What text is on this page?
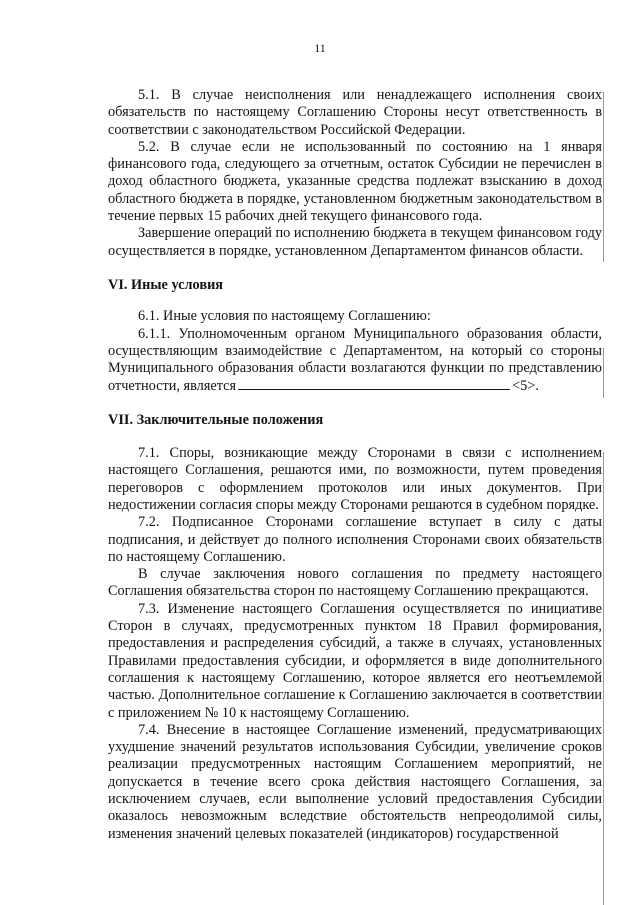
11

5.1. В случае неисполнения или ненадлежащего исполнения своих обязательств по настоящему Соглашению Стороны несут ответственность в соответствии с законодательством Российской Федерации.

5.2. В случае если не использованный по состоянию на 1 января финансового года, следующего за отчетным, остаток Субсидии не перечислен в доход областного бюджета, указанные средства подлежат взысканию в доход областного бюджета в порядке, установленном бюджетным законодательством в течение первых 15 рабочих дней текущего финансового года.

Завершение операций по исполнению бюджета в текущем финансовом году осуществляется в порядке, установленном Департаментом финансов области.

VI. Иные условия

6.1. Иные условия по настоящему Соглашению:

6.1.1. Уполномоченным органом Муниципального образования области, осуществляющим взаимодействие с Департаментом, на который со стороны Муниципального образования области возлагаются функции по представлению отчетности, является	<5>.

VII. Заключительные положения

7.1. Споры, возникающие между Сторонами в связи с исполнением настоящего Соглашения, решаются ими, по возможности, путем проведения переговоров с оформлением протоколов или иных документов. При недостижении согласия споры между Сторонами решаются в судебном порядке.

7.2. Подписанное Сторонами соглашение вступает в силу с даты подписания, и действует до полного исполнения Сторонами своих обязательств по настоящему Соглашению.

В случае заключения нового соглашения по предмету настоящего Соглашения обязательства сторон по настоящему Соглашению прекращаются.

7.3. Изменение настоящего Соглашения осуществляется по инициативе Сторон в случаях, предусмотренных пунктом 18 Правил формирования, предоставления и распределения субсидий, а также в случаях, установленных Правилами предоставления субсидии, и оформляется в виде дополнительного соглашения к настоящему Соглашению, которое является его неотъемлемой частью. Дополнительное соглашение к Соглашению заключается в соответствии с приложением № 10 к настоящему Соглашению.

7.4. Внесение в настоящее Соглашение изменений, предусматривающих ухудшение значений результатов использования Субсидии, увеличение сроков реализации предусмотренных настоящим Соглашением мероприятий, не допускается в течение всего срока действия настоящего Соглашения, за исключением случаев, если выполнение условий предоставления Субсидии оказалось невозможным вследствие обстоятельств непреодолимой силы, изменения значений целевых показателей (индикаторов) государственной
